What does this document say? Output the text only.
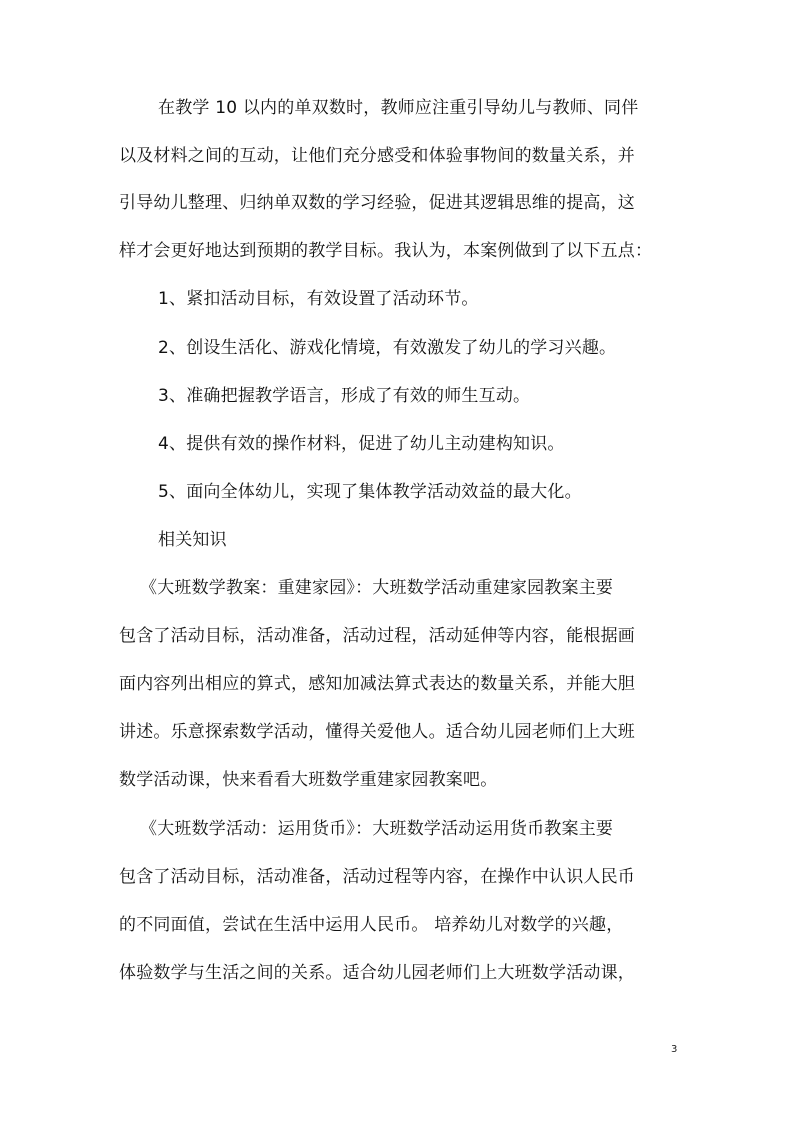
在教学 10 以内的单双数时，教师应注重引导幼儿与教师、同伴
以及材料之间的互动，让他们充分感受和体验事物间的数量关系，并
引导幼儿整理、归纳单双数的学习经验，促进其逻辑思维的提高，这
样才会更好地达到预期的教学目标。我认为，本案例做到了以下五点：
1、紧扣活动目标，有效设置了活动环节。
2、创设生活化、游戏化情境，有效激发了幼儿的学习兴趣。
3、准确把握教学语言，形成了有效的师生互动。
4、提供有效的操作材料，促进了幼儿主动建构知识。
5、面向全体幼儿，实现了集体教学活动效益的最大化。
相关知识
《大班数学教案：重建家园》：大班数学活动重建家园教案主要
包含了活动目标，活动准备，活动过程，活动延伸等内容，能根据画
面内容列出相应的算式，感知加减法算式表达的数量关系，并能大胆
讲述。乐意探索数学活动，懂得关爱他人。适合幼儿园老师们上大班
数学活动课，快来看看大班数学重建家园教案吧。
《大班数学活动：运用货币》：大班数学活动运用货币教案主要
包含了活动目标，活动准备，活动过程等内容，在操作中认识人民币
的不同面值，尝试在生活中运用人民币。 培养幼儿对数学的兴趣，
体验数学与生活之间的关系。适合幼儿园老师们上大班数学活动课，
3
